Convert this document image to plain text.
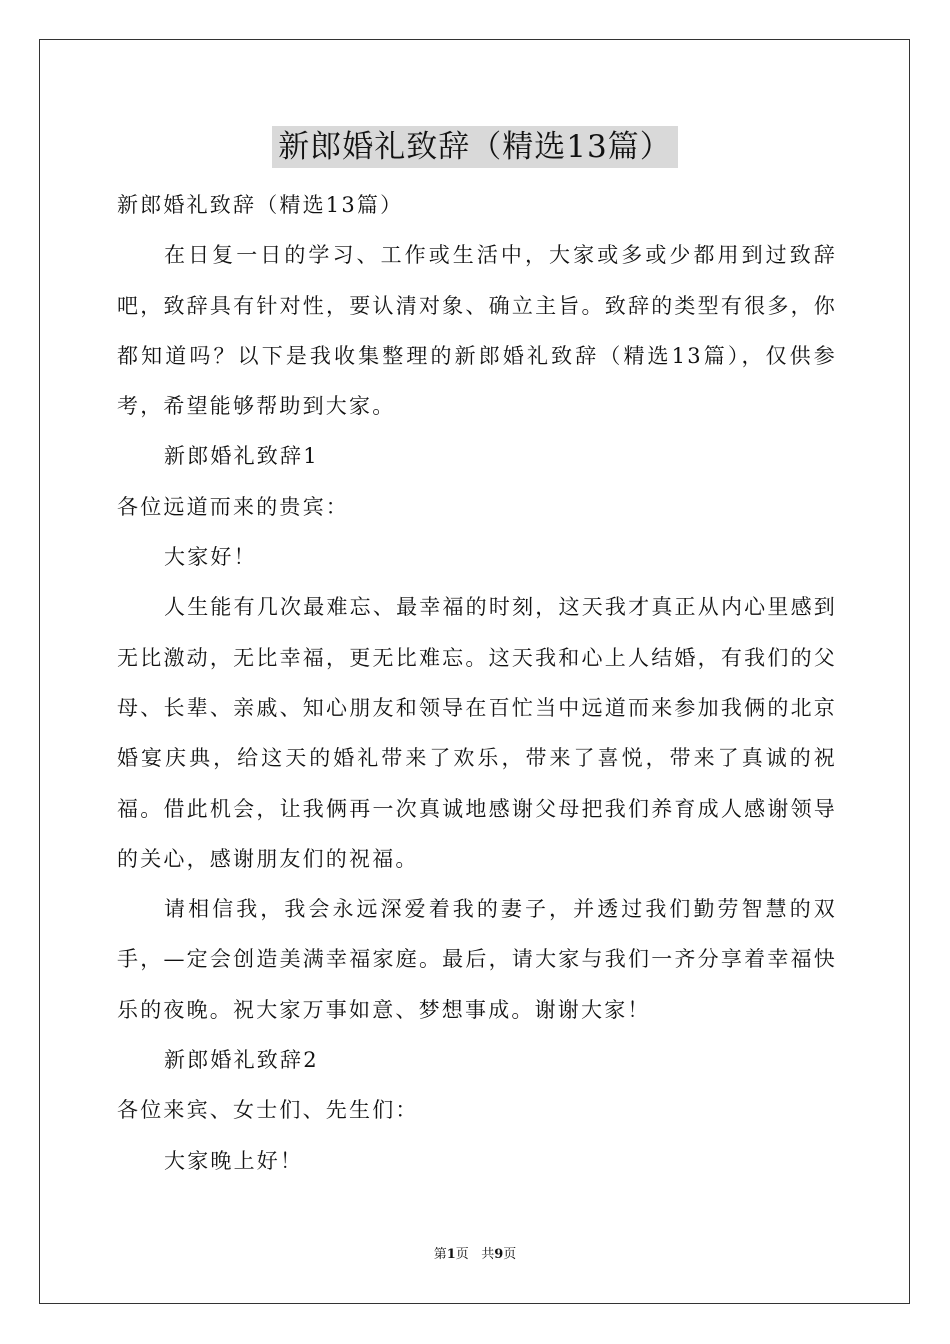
新郎婚礼致辞（精选13篇）

新郎婚礼致辞（精选13篇）

在日复一日的学习、工作或生活中，大家或多或少都用到过致辞吧，致辞具有针对性，要认清对象、确立主旨。致辞的类型有很多，你都知道吗？以下是我收集整理的新郎婚礼致辞（精选13篇），仅供参考，希望能够帮助到大家。

新郎婚礼致辞1

各位远道而来的贵宾：

大家好！

人生能有几次最难忘、最幸福的时刻，这天我才真正从内心里感到无比激动，无比幸福，更无比难忘。这天我和心上人结婚，有我们的父母、长辈、亲戚、知心朋友和领导在百忙当中远道而来参加我俩的北京婚宴庆典，给这天的婚礼带来了欢乐，带来了喜悦，带来了真诚的祝福。借此机会，让我俩再一次真诚地感谢父母把我们养育成人感谢领导的关心，感谢朋友们的祝福。

请相信我，我会永远深爱着我的妻子，并透过我们勤劳智慧的双手，—定会创造美满幸福家庭。最后，请大家与我们一齐分享着幸福快乐的夜晚。祝大家万事如意、梦想事成。谢谢大家！

新郎婚礼致辞2

各位来宾、女士们、先生们：

大家晚上好！

第1页 共9页
